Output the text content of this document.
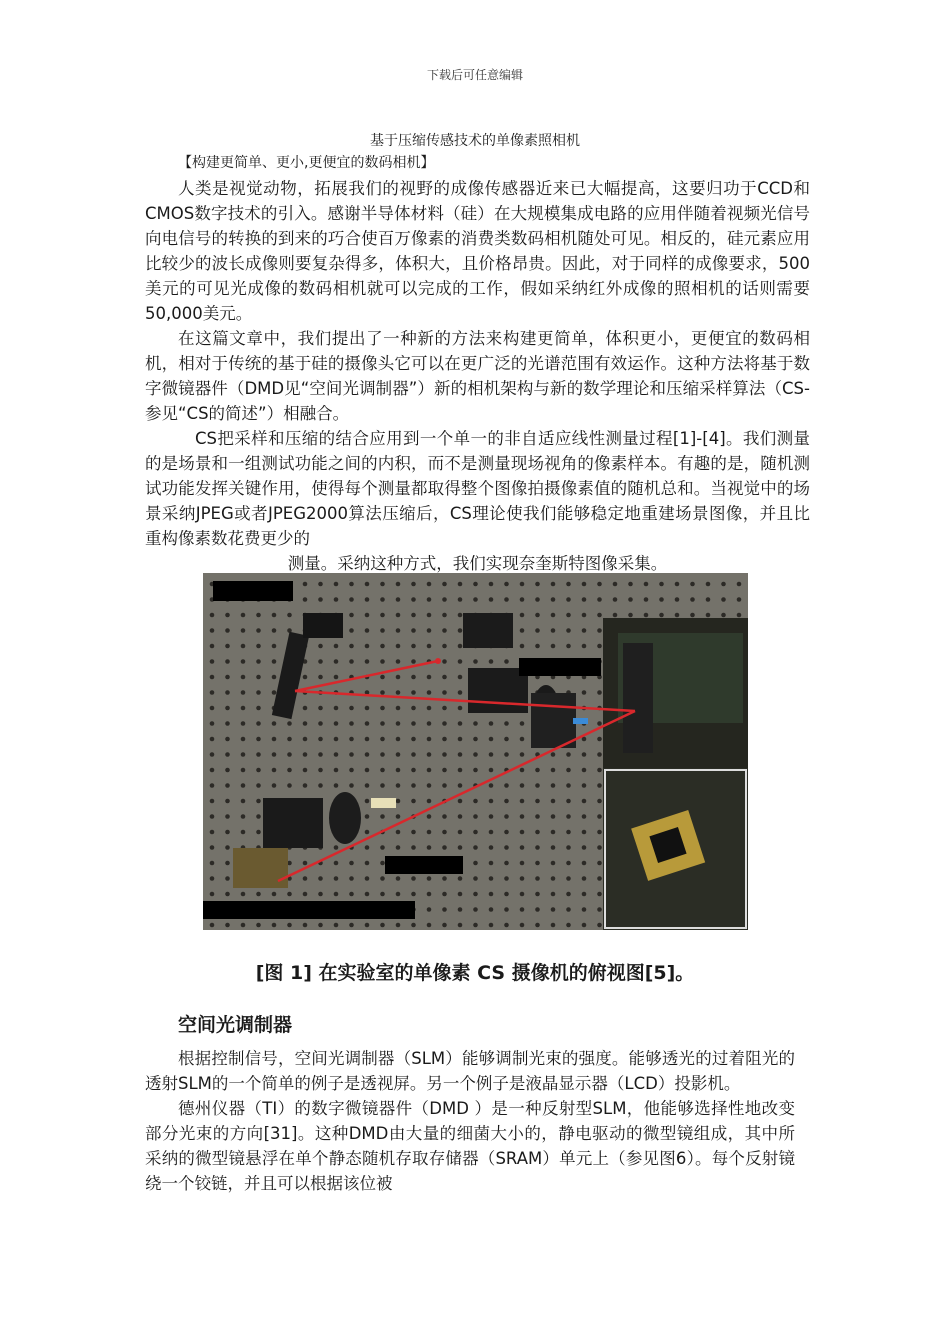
下载后可任意编辑
基于压缩传感技术的单像素照相机
【构建更简单、更小,更便宜的数码相机】

人类是视觉动物，拓展我们的视野的成像传感器近来已大幅提高，这要归功于CCD和CMOS数字技术的引入。感谢半导体材料（硅）在大规模集成电路的应用伴随着视频光信号向电信号的转换的到来的巧合使百万像素的消费类数码相机随处可见。相反的，硅元素应用比较少的波长成像则要复杂得多，体积大，且价格昂贵。因此，对于同样的成像要求，500美元的可见光成像的数码相机就可以完成的工作，假如采纳红外成像的照相机的话则需要50,000美元。

在这篇文章中，我们提出了一种新的方法来构建更简单，体积更小，更便宜的数码相机，相对于传统的基于硅的摄像头它可以在更广泛的光谱范围有效运作。这种方法将基于数字微镜器件（DMD见“空间光调制器”）新的相机架构与新的数学理论和压缩采样算法（CS-参见“CS的简述”）相融合。

CS把采样和压缩的结合应用到一个单一的非自适应线性测量过程[1]-[4]。我们测量的是场景和一组测试功能之间的内积，而不是测量现场视角的像素样本。有趣的是，随机测试功能发挥关键作用，使得每个测量都取得整个图像拍摄像素值的随机总和。当视觉中的场景采纳JPEG或者JPEG2000算法压缩后，CS理论使我们能够稳定地重建场景图像，并且比重构像素数花费更少的

测量。采纳这种方式，我们实现奈奎斯特图像采集。
[图 1] 在实验室的单像素 CS 摄像机的俯视图[5]。
空间光调制器

根据控制信号，空间光调制器（SLM）能够调制光束的强度。能够透光的过着阻光的透射SLM的一个简单的例子是透视屏。另一个例子是液晶显示器（LCD）投影机。

德州仪器（TI）的数字微镜器件（DMD ）是一种反射型SLM，他能够选择性地改变部分光束的方向[31]。这种DMD由大量的细菌大小的，静电驱动的微型镜组成，其中所采纳的微型镜悬浮在单个静态随机存取存储器（SRAM）单元上（参见图6）。每个反射镜绕一个铰链，并且可以根据该位被
